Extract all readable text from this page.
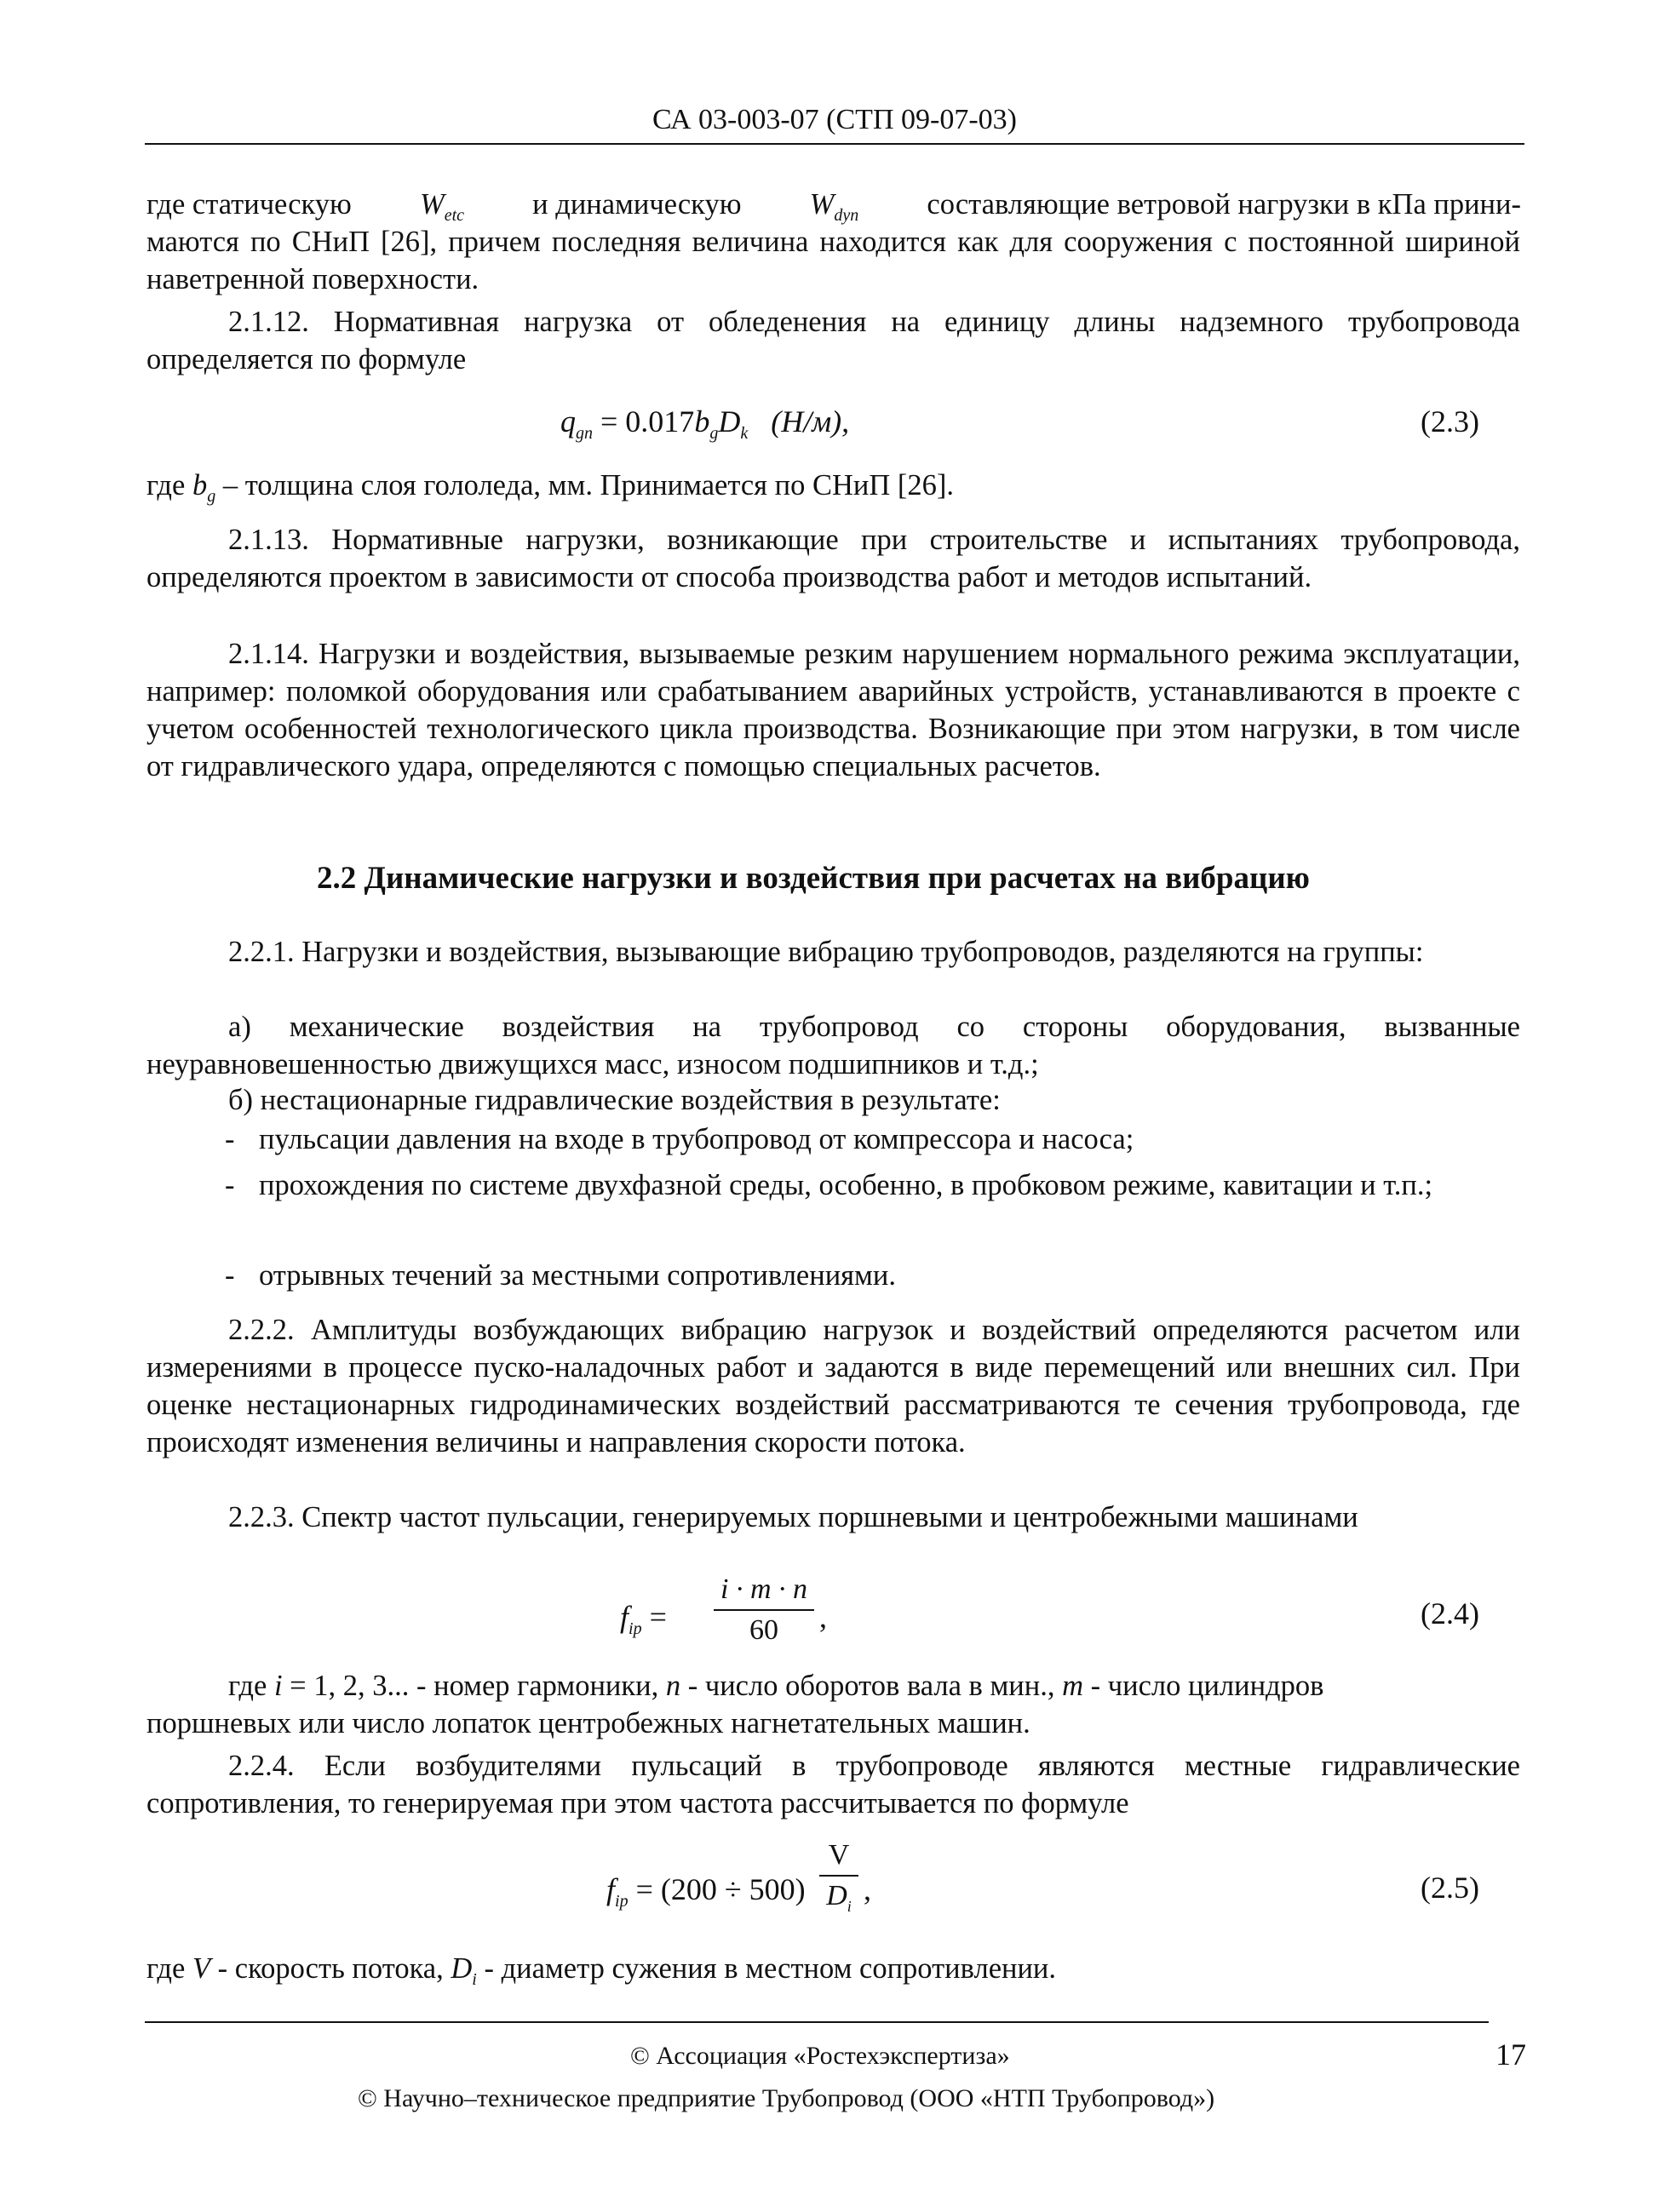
СА 03-003-07 (СТП 09-07-03)
где статическую $W_{etc}$ и динамическую $W_{dyn}$ составляющие ветровой нагрузки в кПа прини-
маются по СНиП [26], причем последняя величина находится как для сооружения с постоянной шириной наветренной поверхности.
2.1.12. Нормативная нагрузка от обледенения на единицу длины надземного трубопровода определяется по формуле
$q_{gn} = 0.017b_gD_k$ (Н/м),	(2.3)
где $b_g$ – толщина слоя гололеда, мм. Принимается по СНиП [26].
2.1.13. Нормативные нагрузки, возникающие при строительстве и испытаниях трубопровода, определяются проектом в зависимости от способа производства работ и методов испытаний.
2.1.14. Нагрузки и воздействия, вызываемые резким нарушением нормального режима эксплуатации, например: поломкой оборудования или срабатыванием аварийных устройств, устанавливаются в проекте с учетом особенностей технологического цикла производства. Возникающие при этом нагрузки, в том числе от гидравлического удара, определяются с помощью специальных расчетов.
2.2 Динамические нагрузки и воздействия при расчетах на вибрацию
2.2.1. Нагрузки и воздействия, вызывающие вибрацию трубопроводов, разделяются на группы:
а) механические воздействия на трубопровод со стороны оборудования, вызванные неуравновешенностью движущихся масс, износом подшипников и т.д.;
б) нестационарные гидравлические воздействия в результате:
- пульсации давления на входе в трубопровод от компрессора и насоса;
- прохождения по системе двухфазной среды, особенно, в пробковом режиме, кавитации и т.п.;
- отрывных течений за местными сопротивлениями.
2.2.2. Амплитуды возбуждающих вибрацию нагрузок и воздействий определяются расчетом или измерениями в процессе пуско-наладочных работ и задаются в виде перемещений или внешних сил. При оценке нестационарных гидродинамических воздействий рассматриваются те сечения трубопровода, где происходят изменения величины и направления скорости потока.
2.2.3. Спектр частот пульсации, генерируемых поршневыми и центробежными машинами
$f_{ip}$ =
i · m · n
60	,	(2.4)
где i = 1, 2, 3... - номер гармоники, n - число оборотов вала в мин., m - число цилиндров
поршневых или число лопаток центробежных нагнетательных машин.
2.2.4. Если возбудителями пульсаций в трубопроводе являются местные гидравлические сопротивления, то генерируемая при этом частота рассчитывается по формуле
$f_{ip} = (200 \div 500)$
V
$D_i$ ,	(2.5)
где V - скорость потока, $D_i$ - диаметр сужения в местном сопротивлении.
© Ассоциация «Ростехэкспертиза»	17
© Научно–техническое предприятие Трубопровод (ООО «НТП Трубопровод»)
